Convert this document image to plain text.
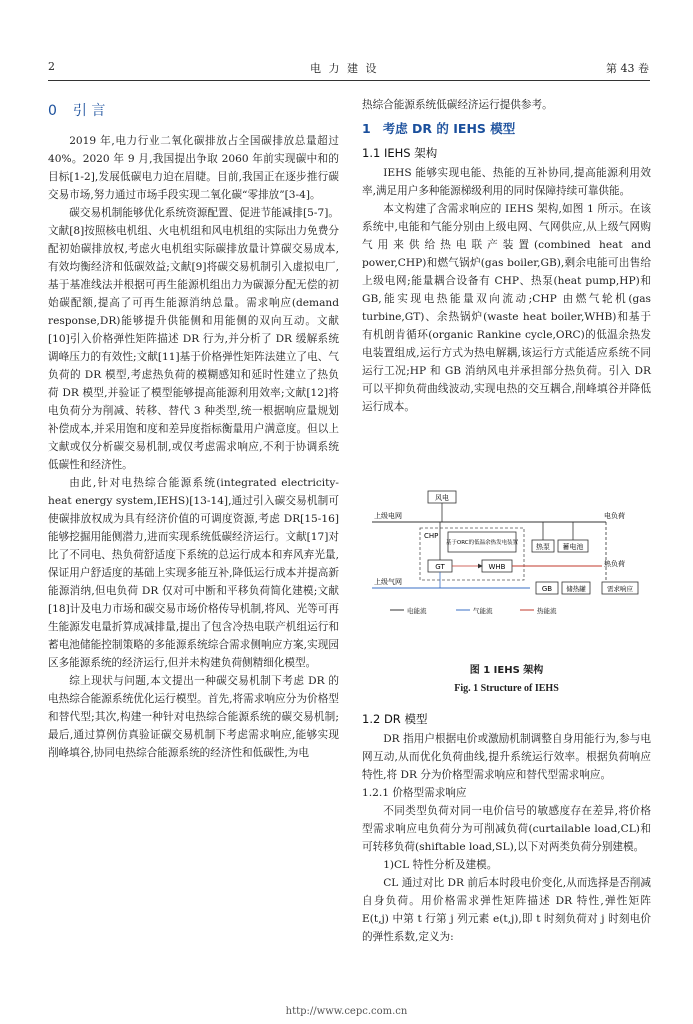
2	电 力 建 设	第 43 卷
0 引 言

2019 年,电力行业二氧化碳排放占全国碳排放总量超过 40%。2020 年 9 月,我国提出争取 2060 年前实现碳中和的目标[1-2],发展低碳电力迫在眉睫。目前,我国正在逐步推行碳交易市场,努力通过市场手段实现二氧化碳“零排放”[3-4]。

碳交易机制能够优化系统资源配置、促进节能减排[5-7]。文献[8]按照核电机组、火电机组和风电机组的实际出力免费分配初始碳排放权,考虑火电机组实际碳排放量计算碳交易成本,有效均衡经济和低碳效益;文献[9]将碳交易机制引入虚拟电厂,基于基准线法并根据可再生能源机组出力为碳源分配无偿的初始碳配额,提高了可再生能源消纳总量。需求响应(demand response,DR)能够提升供能侧和用能侧的双向互动。文献[10]引入价格弹性矩阵描述 DR 行为,并分析了 DR 缓解系统调峰压力的有效性;文献[11]基于价格弹性矩阵法建立了电、气负荷的 DR 模型,考虑热负荷的模糊感知和延时性建立了热负荷 DR 模型,并验证了模型能够提高能源利用效率;文献[12]将电负荷分为削减、转移、替代 3 种类型,统一根据响应量规划补偿成本,并采用饱和度和差异度指标衡量用户满意度。但以上文献或仅分析碳交易机制,或仅考虑需求响应,不利于协调系统低碳性和经济性。

由此,针对电热综合能源系统(integrated electricity-heat energy system,IEHS)[13-14],通过引入碳交易机制可使碳排放权成为具有经济价值的可调度资源,考虑 DR[15-16] 能够挖掘用能侧潜力,进而实现系统低碳经济运行。文献[17]对比了不同电、热负荷舒适度下系统的总运行成本和弃风弃光量,保证用户舒适度的基础上实现多能互补,降低运行成本并提高新能源消纳,但电负荷 DR 仅对可中断和平移负荷简化建模;文献[18]计及电力市场和碳交易市场价格传导机制,将风、光等可再生能源发电量折算成减排量,提出了包含冷热电联产机组运行和蓄电池储能控制策略的多能源系统综合需求侧响应方案,实现园区多能源系统的经济运行,但并未构建负荷侧精细化模型。

综上现状与问题,本文提出一种碳交易机制下考虑 DR 的电热综合能源系统优化运行模型。首先,将需求响应分为价格型和替代型;其次,构建一种针对电热综合能源系统的碳交易机制;最后,通过算例仿真验证碳交易机制下考虑需求响应,能够实现削峰填谷,协同电热综合能源系统的经济性和低碳性,为电

热综合能源系统低碳经济运行提供参考。

1 考虑 DR 的 IEHS 模型
1.1 IEHS 架构

IEHS 能够实现电能、热能的互补协同,提高能源利用效率,满足用户多种能源梯级利用的同时保障持续可靠供能。

本文构建了含需求响应的 IEHS 架构,如图 1 所示。在该系统中,电能和气能分别由上级电网、气网供应,从上级气网购气用来供给热电联产装置(combined heat and power,CHP)和燃气锅炉(gas boiler,GB),剩余电能可出售给上级电网;能量耦合设备有 CHP、热泵(heat pump,HP)和 GB,能实现电热能量双向流动;CHP 由燃气轮机(gas turbine,GT)、余热锅炉(waste heat boiler,WHB)和基于有机朗肯循环(organic Rankine cycle,ORC)的低温余热发电装置组成,运行方式为热电解耦,该运行方式能适应系统不同运行工况;HP 和 GB 消纳风电并承担部分热负荷。引入 DR 可以平抑负荷曲线波动,实现电热的交互耦合,削峰填谷并降低运行成本。

风电
上级电网
CHP
基于ORC的低温余热发电装置	热泵 蓄电池
GT	WHB
电负荷
热负荷
上级气网
GB 储热罐	需求响应
电能流	气能流	热能流
图 1 IEHS 架构
Fig. 1 Structure of IEHS
1.2 DR 模型

DR 指用户根据电价或激励机制调整自身用能行为,参与电网互动,从而优化负荷曲线,提升系统运行效率。根据负荷响应特性,将 DR 分为价格型需求响应和替代型需求响应。

1.2.1 价格型需求响应

不同类型负荷对同一电价信号的敏感度存在差异,将价格型需求响应电负荷分为可削减负荷(curtailable load,CL)和可转移负荷(shiftable load,SL),以下对两类负荷分别建模。

1)CL 特性分析及建模。

CL 通过对比 DR 前后本时段电价变化,从而选择是否削减自身负荷。用价格需求弹性矩阵描述 DR 特性,弹性矩阵 E(t,j) 中第 t 行第 j 列元素 e(t,j),即 t 时刻负荷对 j 时刻电价的弹性系数,定义为:

http://www.cepc.com.cn
